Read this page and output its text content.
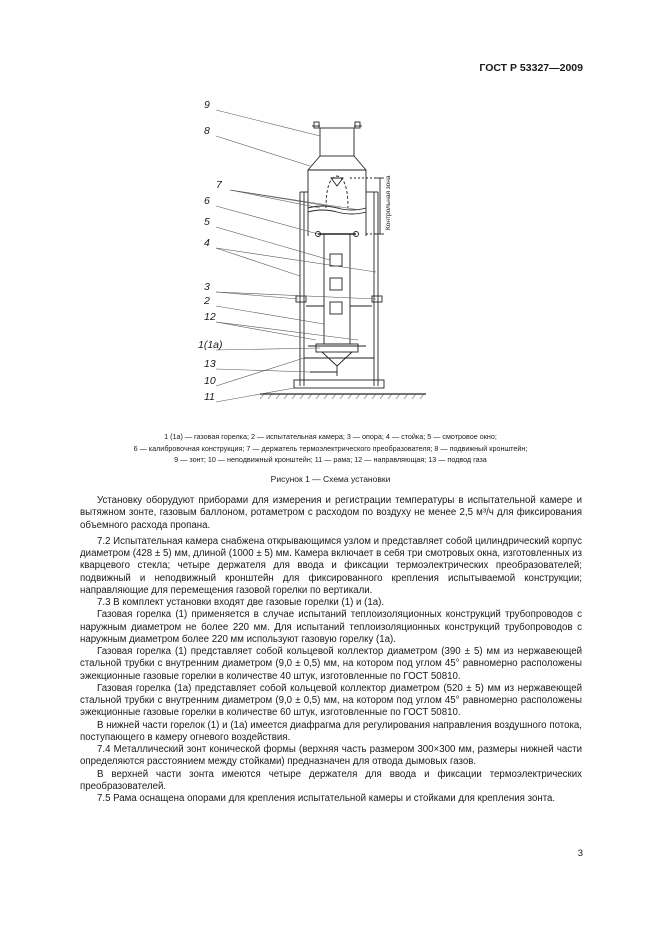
ГОСТ Р 53327—2009
9
8
7
6
5
4
3
2
12
1(1a)
13
10
11
Контрольная зона
1 (1а) — газовая горелка; 2 — испытательная камера; 3 — опора; 4 — стойка; 5 — смотровое окно;
6 — калибровочная конструкция; 7 — держатель термоэлектрического преобразователя; 8 — подвижный кронштейн;
9 — зонт; 10 — неподвижный кронштейн; 11 — рама; 12 — направляющая; 13 — подвод газа
Рисунок 1 — Схема установки

Установку оборудуют приборами для измерения и регистрации температуры в испытательной камере и вытяжном зонте, газовым баллоном, ротаметром с расходом по воздуху не менее 2,5 м³/ч для фиксирования объемного расхода пропана.

7.2 Испытательная камера снабжена открывающимся узлом и представляет собой цилиндрический корпус диаметром (428 ± 5) мм, длиной (1000 ± 5) мм. Камера включает в себя три смотровых окна, изготовленных из кварцевого стекла; четыре держателя для ввода и фиксации термоэлектрических преобразователей; подвижный и неподвижный кронштейн для фиксированного крепления испытываемой конструкции; направляющие для перемещения газовой горелки по вертикали.

7.3 В комплект установки входят две газовые горелки (1) и (1а).

Газовая горелка (1) применяется в случае испытаний теплоизоляционных конструкций трубопроводов с наружным диаметром не более 220 мм. Для испытаний теплоизоляционных конструкций трубопроводов с наружным диаметром более 220 мм используют газовую горелку (1а).

Газовая горелка (1) представляет собой кольцевой коллектор диаметром (390 ± 5) мм из нержавеющей стальной трубки с внутренним диаметром (9,0 ± 0,5) мм, на котором под углом 45° равномерно расположены эжекционные газовые горелки в количестве 40 штук, изготовленные по ГОСТ 50810.

Газовая горелка (1а) представляет собой кольцевой коллектор диаметром (520 ± 5) мм из нержавеющей стальной трубки с внутренним диаметром (9,0 ± 0,5) мм, на котором под углом 45° равномерно расположены эжекционные газовые горелки в количестве 60 штук, изготовленные по ГОСТ 50810.

В нижней части горелок (1) и (1а) имеется диафрагма для регулирования направления воздушного потока, поступающего в камеру огневого воздействия.

7.4 Металлический зонт конической формы (верхняя часть размером 300×300 мм, размеры нижней части определяются расстоянием между стойками) предназначен для отвода дымовых газов.

В верхней части зонта имеются четыре держателя для ввода и фиксации термоэлектрических преобразователей.

7.5 Рама оснащена опорами для крепления испытательной камеры и стойками для крепления зонта.

3
